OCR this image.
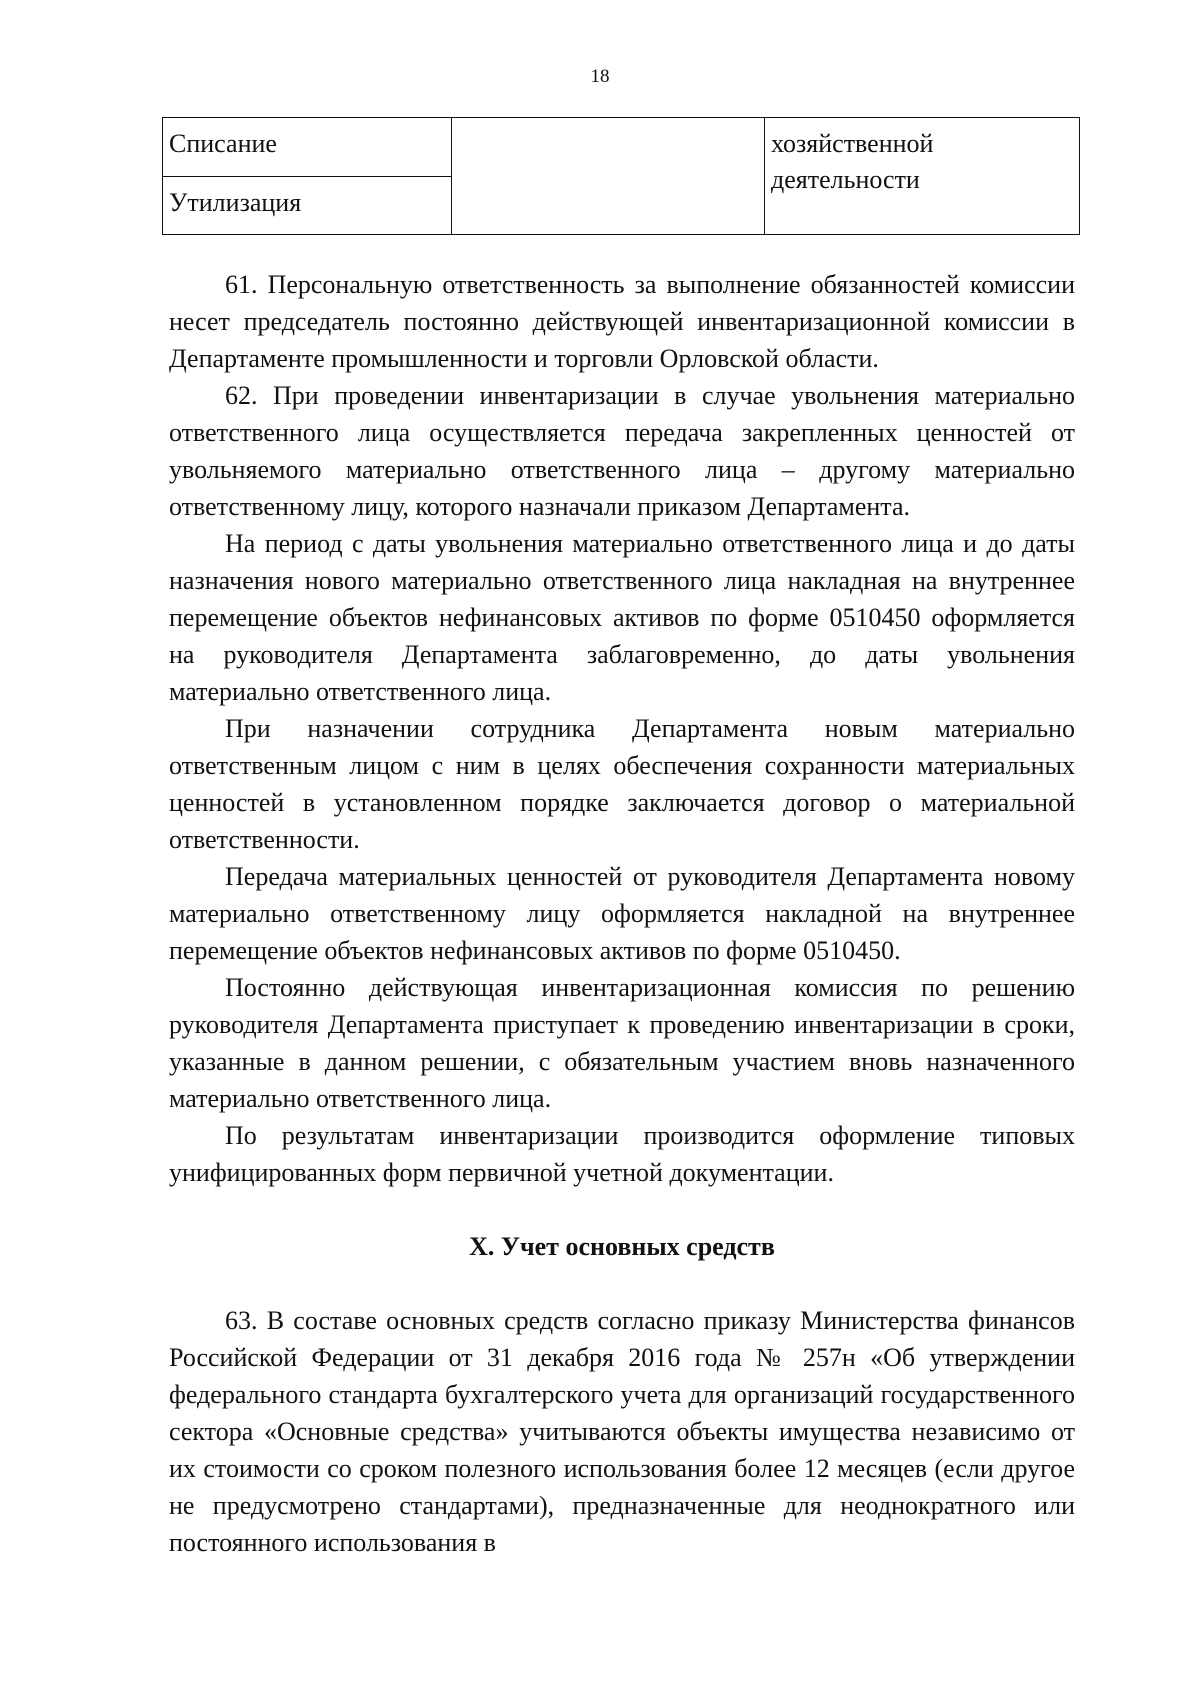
18
Списание		хозяйственной деятельности
Утилизация

61. Персональную ответственность за выполнение обязанностей комиссии несет председатель постоянно действующей инвентаризационной комиссии в Департаменте промышленности и торговли Орловской области.

62. При проведении инвентаризации в случае увольнения материально ответственного лица осуществляется передача закрепленных ценностей от увольняемого материально ответственного лица – другому материально ответственному лицу, которого назначали приказом Департамента.

На период с даты увольнения материально ответственного лица и до даты назначения нового материально ответственного лица накладная на внутреннее перемещение объектов нефинансовых активов по форме 0510450 оформляется на руководителя Департамента заблаговременно, до даты увольнения материально ответственного лица.

При назначении сотрудника Департамента новым материально ответственным лицом с ним в целях обеспечения сохранности материальных ценностей в установленном порядке заключается договор о материальной ответственности.

Передача материальных ценностей от руководителя Департамента новому материально ответственному лицу оформляется накладной на внутреннее перемещение объектов нефинансовых активов по форме 0510450.

Постоянно действующая инвентаризационная комиссия по решению руководителя Департамента приступает к проведению инвентаризации в сроки, указанные в данном решении, с обязательным участием вновь назначенного материально ответственного лица.

По результатам инвентаризации производится оформление типовых унифицированных форм первичной учетной документации.

X. Учет основных средств

63. В составе основных средств согласно приказу Министерства финансов Российской Федерации от 31 декабря 2016 года № 257н «Об утверждении федерального стандарта бухгалтерского учета для организаций государственного сектора «Основные средства» учитываются объекты имущества независимо от их стоимости со сроком полезного использования более 12 месяцев (если другое не предусмотрено стандартами), предназначенные для неоднократного или постоянного использования в
